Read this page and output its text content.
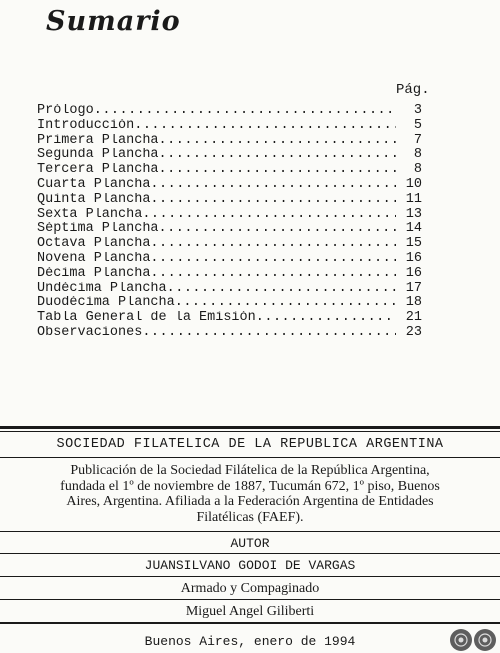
Sumario
Pág.
Prólogo .....	3
Introducción .....	5
Primera Plancha .....	7
Segunda Plancha .....	8
Tercera Plancha .....	8
Cuarta Plancha .....	10
Quinta Plancha .....	11
Sexta Plancha .....	13
Séptima Plancha .....	14
Octava Plancha .....	15
Novena Plancha .....	16
Décima Plancha .....	16
Undécima Plancha .....	17
Duodécima Plancha .....	18
Tabla General de la Emisión .....	21
Observaciones .....	23
SOCIEDAD FILATELICA DE LA REPUBLICA ARGENTINA
Publicación de la Sociedad Filátelica de la República Argentina,
fundada el 1º de noviembre de 1887, Tucumán 672, 1º piso, Buenos
Aires, Argentina. Afiliada a la Federación Argentina de Entidades
Filatélicas (FAEF).
AUTOR
JUANSILVANO GODOI DE VARGAS
Armado y Compaginado
Miguel Angel Giliberti
Buenos Aires, enero de 1994
